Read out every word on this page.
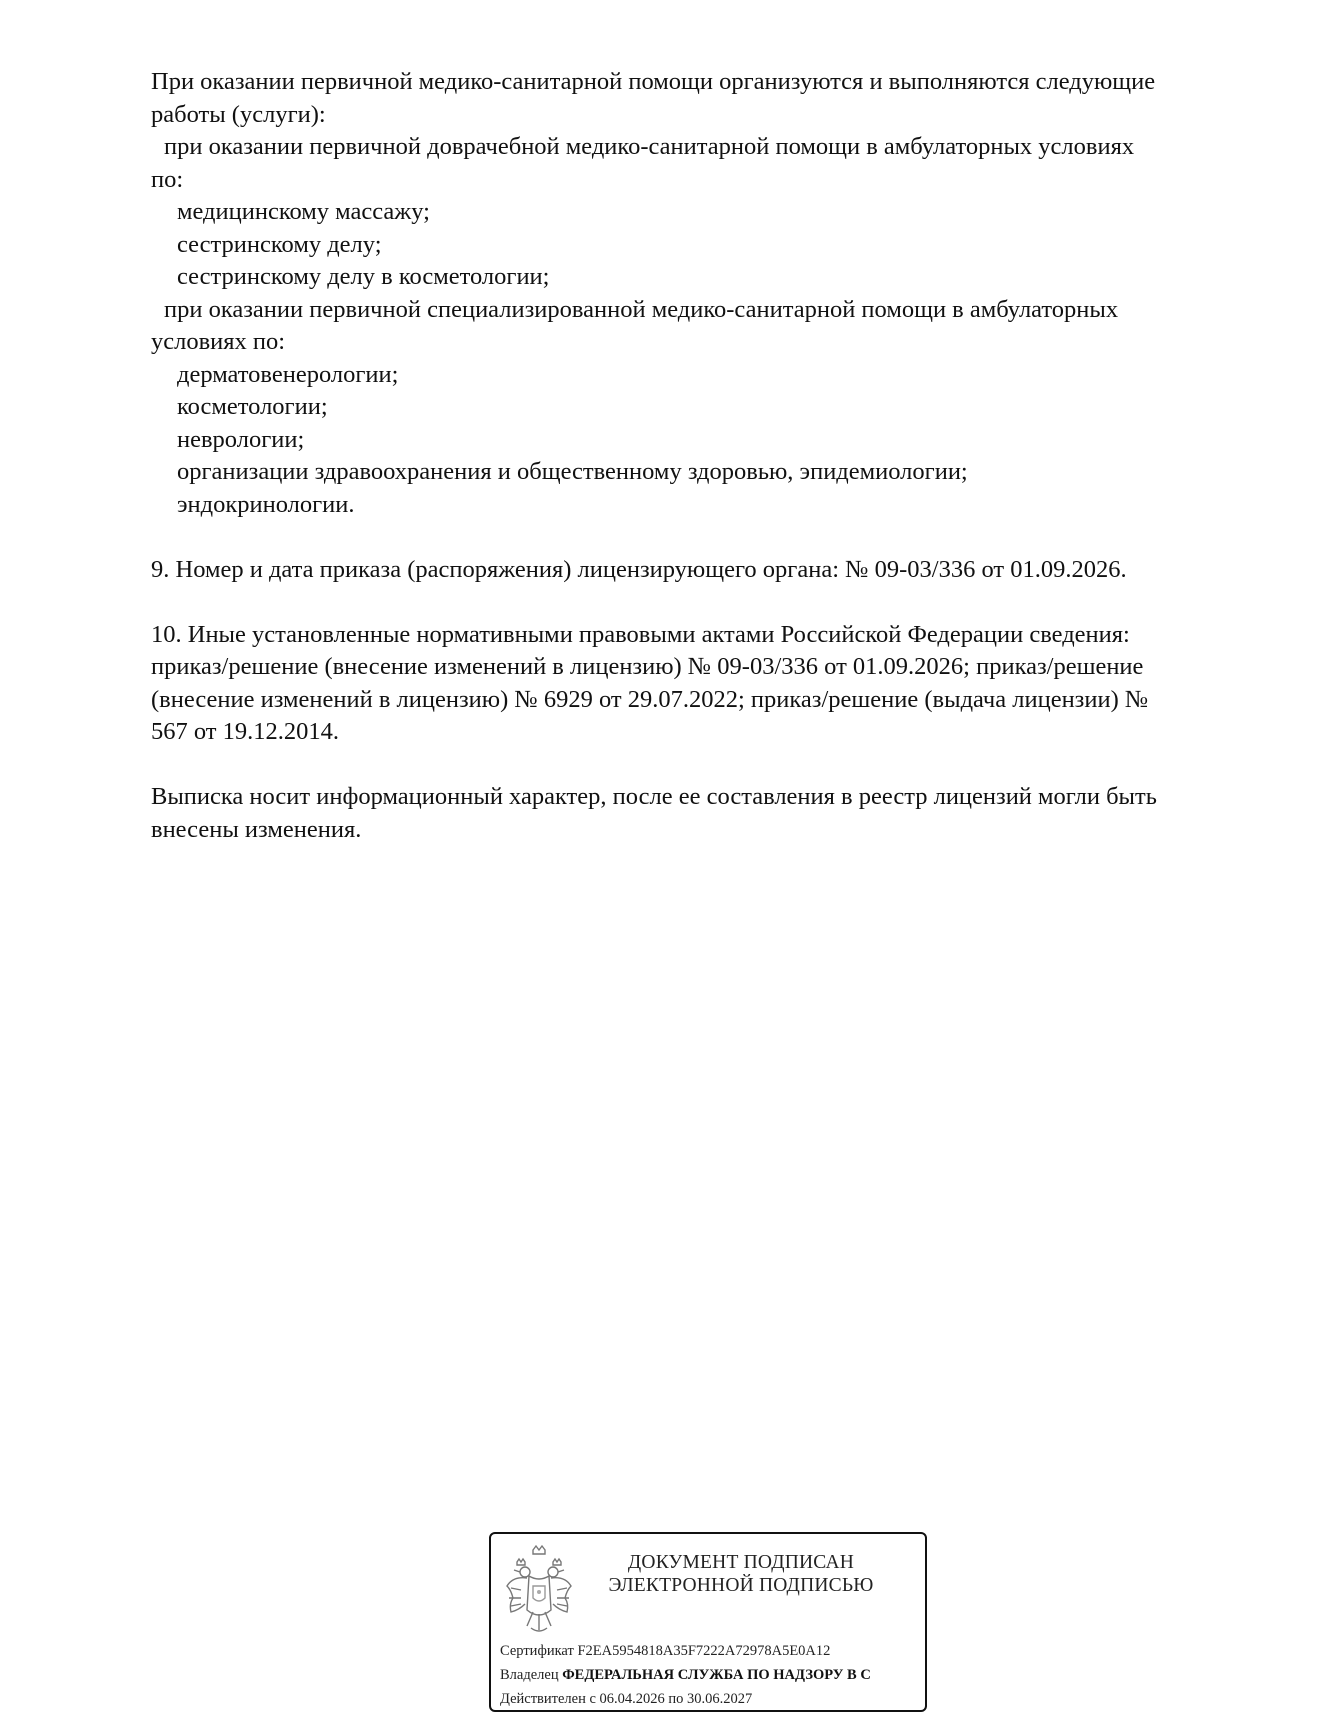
При оказании первичной медико-санитарной помощи организуются и выполняются следующие
работы (услуги):
при оказании первичной доврачебной медико-санитарной помощи в амбулаторных условиях
по:
медицинскому массажу;
сестринскому делу;
сестринскому делу в косметологии;
при оказании первичной специализированной медико-санитарной помощи в амбулаторных
условиях по:
дерматовенерологии;
косметологии;
неврологии;
организации здравоохранения и общественному здоровью, эпидемиологии;
эндокринологии.
9. Номер и дата приказа (распоряжения) лицензирующего органа: № 09-03/336 от 01.09.2026.
10. Иные установленные нормативными правовыми актами Российской Федерации сведения:
приказ/решение (внесение изменений в лицензию) № 09-03/336 от 01.09.2026; приказ/решение
(внесение изменений в лицензию) № 6929 от 29.07.2022; приказ/решение (выдача лицензии) №
567 от 19.12.2014.
Выписка носит информационный характер, после ее составления в реестр лицензий могли быть
внесены изменения.
ДОКУМЕНТ ПОДПИСАН
ЭЛЕКТРОННОЙ ПОДПИСЬЮ
Сертификат F2EA5954818A35F7222A72978A5E0A12
Владелец ФЕДЕРАЛЬНАЯ СЛУЖБА ПО НАДЗОРУ В С
Действителен с 06.04.2026 по 30.06.2027
